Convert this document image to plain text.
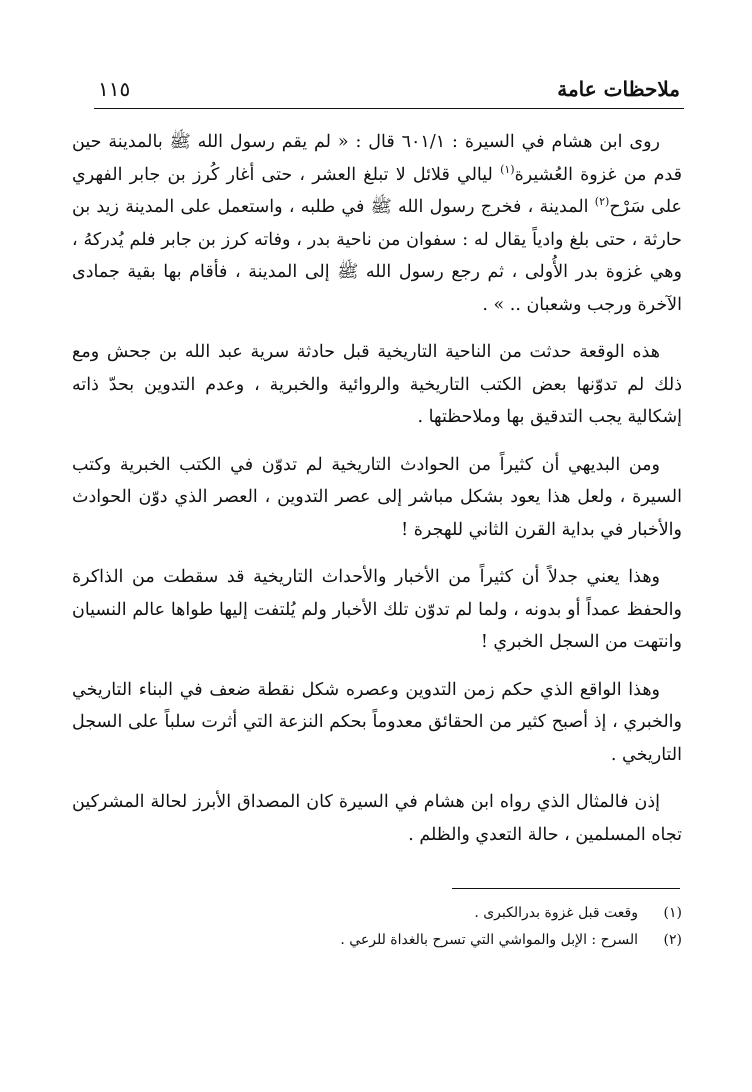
ملاحظات عامة
١١٥

روى ابن هشام في السيرة : ٦٠١/١ قال : « لم يقم رسول الله ﷺ بالمدينة حين قدم من غزوة العُشيرة$^{(١)}$ ليالي قلائل لا تبلغ العشر ، حتى أغار كُرز بن جابر الفهري على سَرْح$^{(٢)}$ المدينة ، فخرج رسول الله ﷺ في طلبه ، واستعمل على المدينة زيد بن حارثة ، حتى بلغ وادياً يقال له : سفوان من ناحية بدر ، وفاته كرز بن جابر فلم يُدركهُ ، وهي غزوة بدر الأُولى ، ثم رجع رسول الله ﷺ إلى المدينة ، فأقام بها بقية جمادى الآخرة ورجب وشعبان .. » .

هذه الوقعة حدثت من الناحية التاريخية قبل حادثة سرية عبد الله بن جحش ومع ذلك لم تدوّنها بعض الكتب التاريخية والروائية والخبرية ، وعدم التدوين بحدّ ذاته إشكالية يجب التدقيق بها وملاحظتها .

ومن البديهي أن كثيراً من الحوادث التاريخية لم تدوّن في الكتب الخبرية وكتب السيرة ، ولعل هذا يعود بشكل مباشر إلى عصر التدوين ، العصر الذي دوّن الحوادث والأخبار في بداية القرن الثاني للهجرة !

وهذا يعني جدلاً أن كثيراً من الأخبار والأحداث التاريخية قد سقطت من الذاكرة والحفظ عمداً أو بدونه ، ولما لم تدوّن تلك الأخبار ولم يُلتفت إليها طواها عالم النسيان وانتهت من السجل الخبري !

وهذا الواقع الذي حكم زمن التدوين وعصره شكل نقطة ضعف في البناء التاريخي والخبري ، إذ أصبح كثير من الحقائق معدوماً بحكم النزعة التي أثرت سلباً على السجل التاريخي .

إذن فالمثال الذي رواه ابن هشام في السيرة كان المصداق الأبرز لحالة المشركين تجاه المسلمين ، حالة التعدي والظلم .

(١)
وقعت قبل غزوة بدرالكبرى .
(٢)
السرح : الإبل والمواشي التي تسرح بالغداة للرعي .
